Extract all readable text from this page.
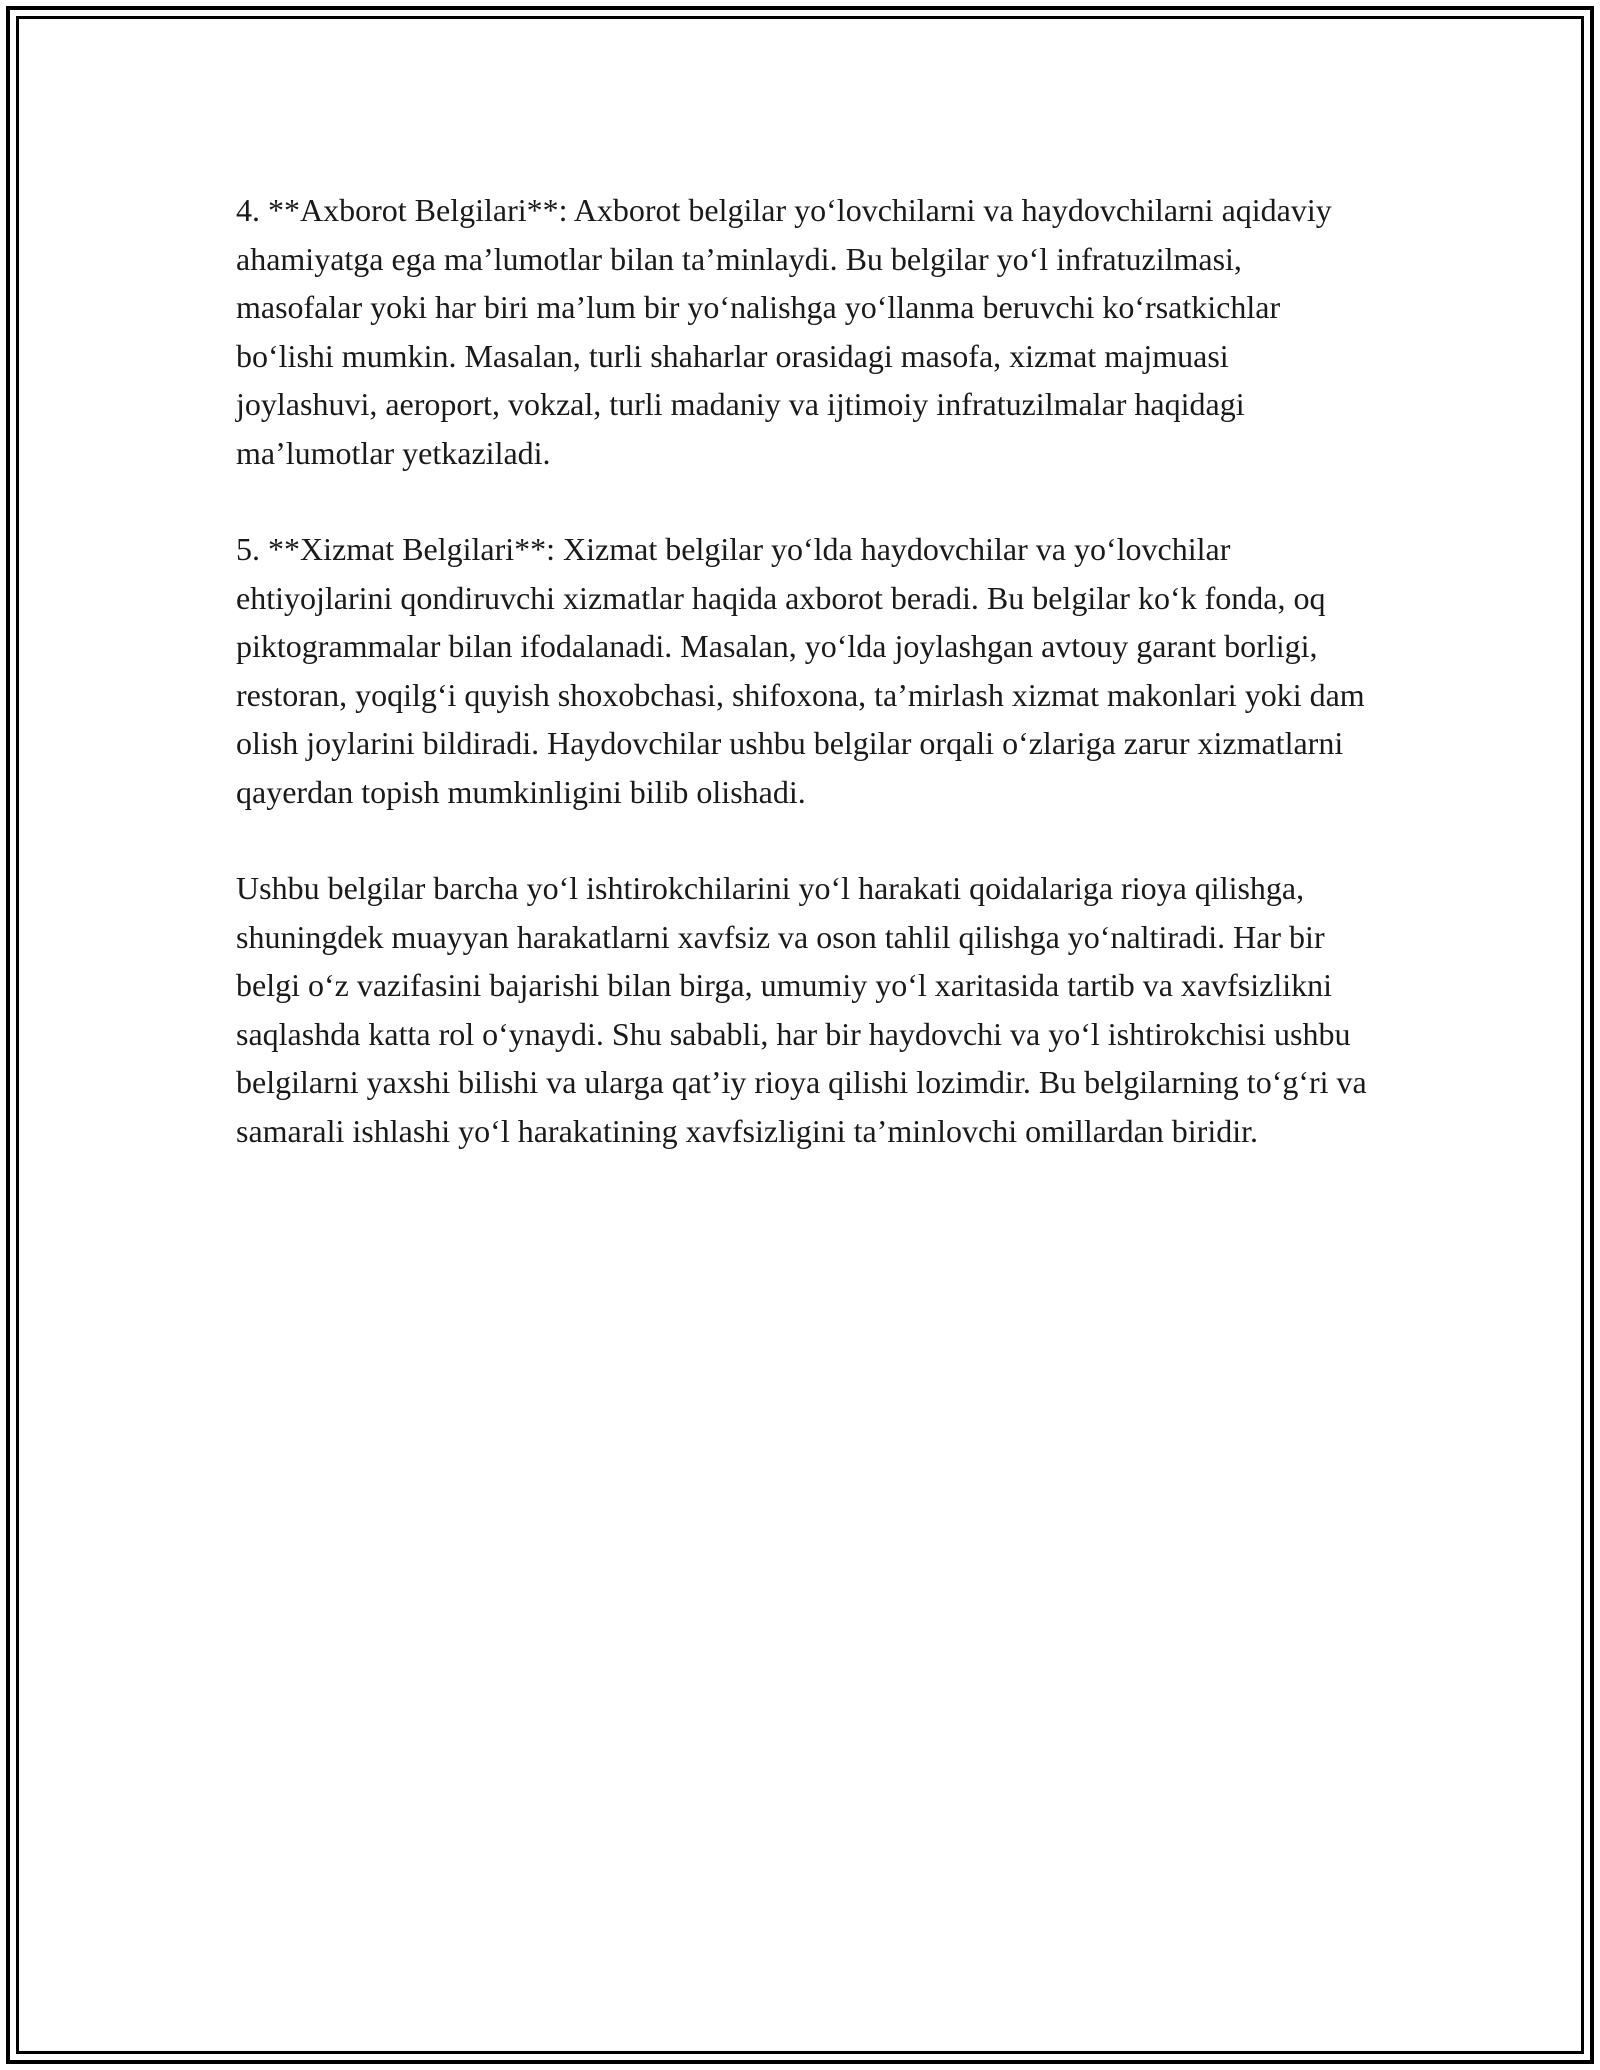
4. **Axborot Belgilari**: Axborot belgilar yo‘lovchilarni va haydovchilarni aqidaviy ahamiyatga ega ma’lumotlar bilan ta’minlaydi. Bu belgilar yo‘l infratuzilmasi, masofalar yoki har biri ma’lum bir yo‘nalishga yo‘llanma beruvchi ko‘rsatkichlar bo‘lishi mumkin. Masalan, turli shaharlar orasidagi masofa, xizmat majmuasi joylashuvi, aeroport, vokzal, turli madaniy va ijtimoiy infratuzilmalar haqidagi ma’lumotlar yetkaziladi.

5. **Xizmat Belgilari**: Xizmat belgilar yo‘lda haydovchilar va yo‘lovchilar ehtiyojlarini qondiruvchi xizmatlar haqida axborot beradi. Bu belgilar ko‘k fonda, oq piktogrammalar bilan ifodalanadi. Masalan, yo‘lda joylashgan avtouy garant borligi, restoran, yoqilg‘i quyish shoxobchasi, shifoxona, ta’mirlash xizmat makonlari yoki dam olish joylarini bildiradi. Haydovchilar ushbu belgilar orqali o‘zlariga zarur xizmatlarni qayerdan topish mumkinligini bilib olishadi.

Ushbu belgilar barcha yo‘l ishtirokchilarini yo‘l harakati qoidalariga rioya qilishga, shuningdek muayyan harakatlarni xavfsiz va oson tahlil qilishga yo‘naltiradi. Har bir belgi o‘z vazifasini bajarishi bilan birga, umumiy yo‘l xaritasida tartib va xavfsizlikni saqlashda katta rol o‘ynaydi. Shu sababli, har bir haydovchi va yo‘l ishtirokchisi ushbu belgilarni yaxshi bilishi va ularga qat’iy rioya qilishi lozimdir. Bu belgilarning to‘g‘ri va samarali ishlashi yo‘l harakatining xavfsizligini ta’minlovchi omillardan biridir.
